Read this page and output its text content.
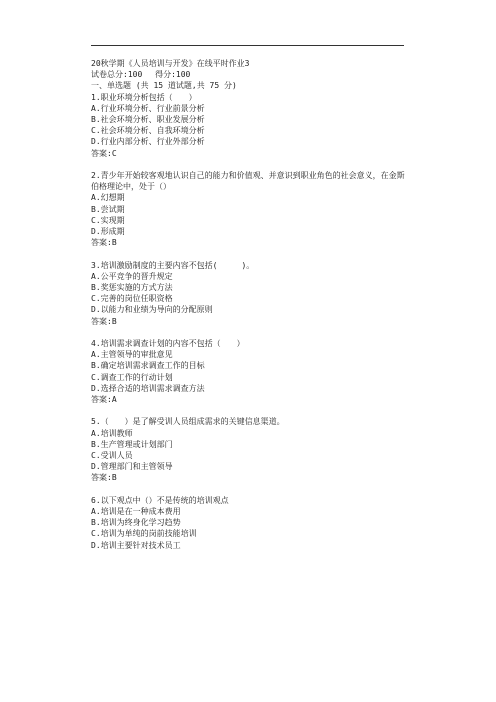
20秋学期《人员培训与开发》在线平时作业3
试卷总分:100　 得分:100
一、单选题 (共 15 道试题,共 75 分)
1.职业环境分析包括（　　）
A.行业环境分析、行业前景分析
B.社会环境分析、职业发展分析
C.社会环境分析、自我环境分析
D.行业内部分析、行业外部分析
答案:C
2.青少年开始较客观地认识自己的能力和价值观、并意识到职业角色的社会意义，在金斯伯格理论中，处于（）
A.幻想期
B.尝试期
C.实现期
D.形成期
答案:B
3.培训激励制度的主要内容不包括(　　　)。
A.公平竞争的晋升规定
B.奖惩实施的方式方法
C.完善的岗位任职资格
D.以能力和业绩为导向的分配原则
答案:B
4.培训需求调查计划的内容不包括（　　）
A.主管领导的审批意见
B.确定培训需求调查工作的目标
C.调查工作的行动计划
D.选择合适的培训需求调查方法
答案:A
5.（　　）是了解受训人员组成需求的关键信息渠道。
A.培训教师
B.生产管理或计划部门
C.受训人员
D.管理部门和主管领导
答案:B
6.以下观点中（）不是传统的培训观点
A.培训是在一种成本费用
B.培训为终身化学习趋势
C.培训为单纯的岗前技能培训
D.培训主要针对技术员工
